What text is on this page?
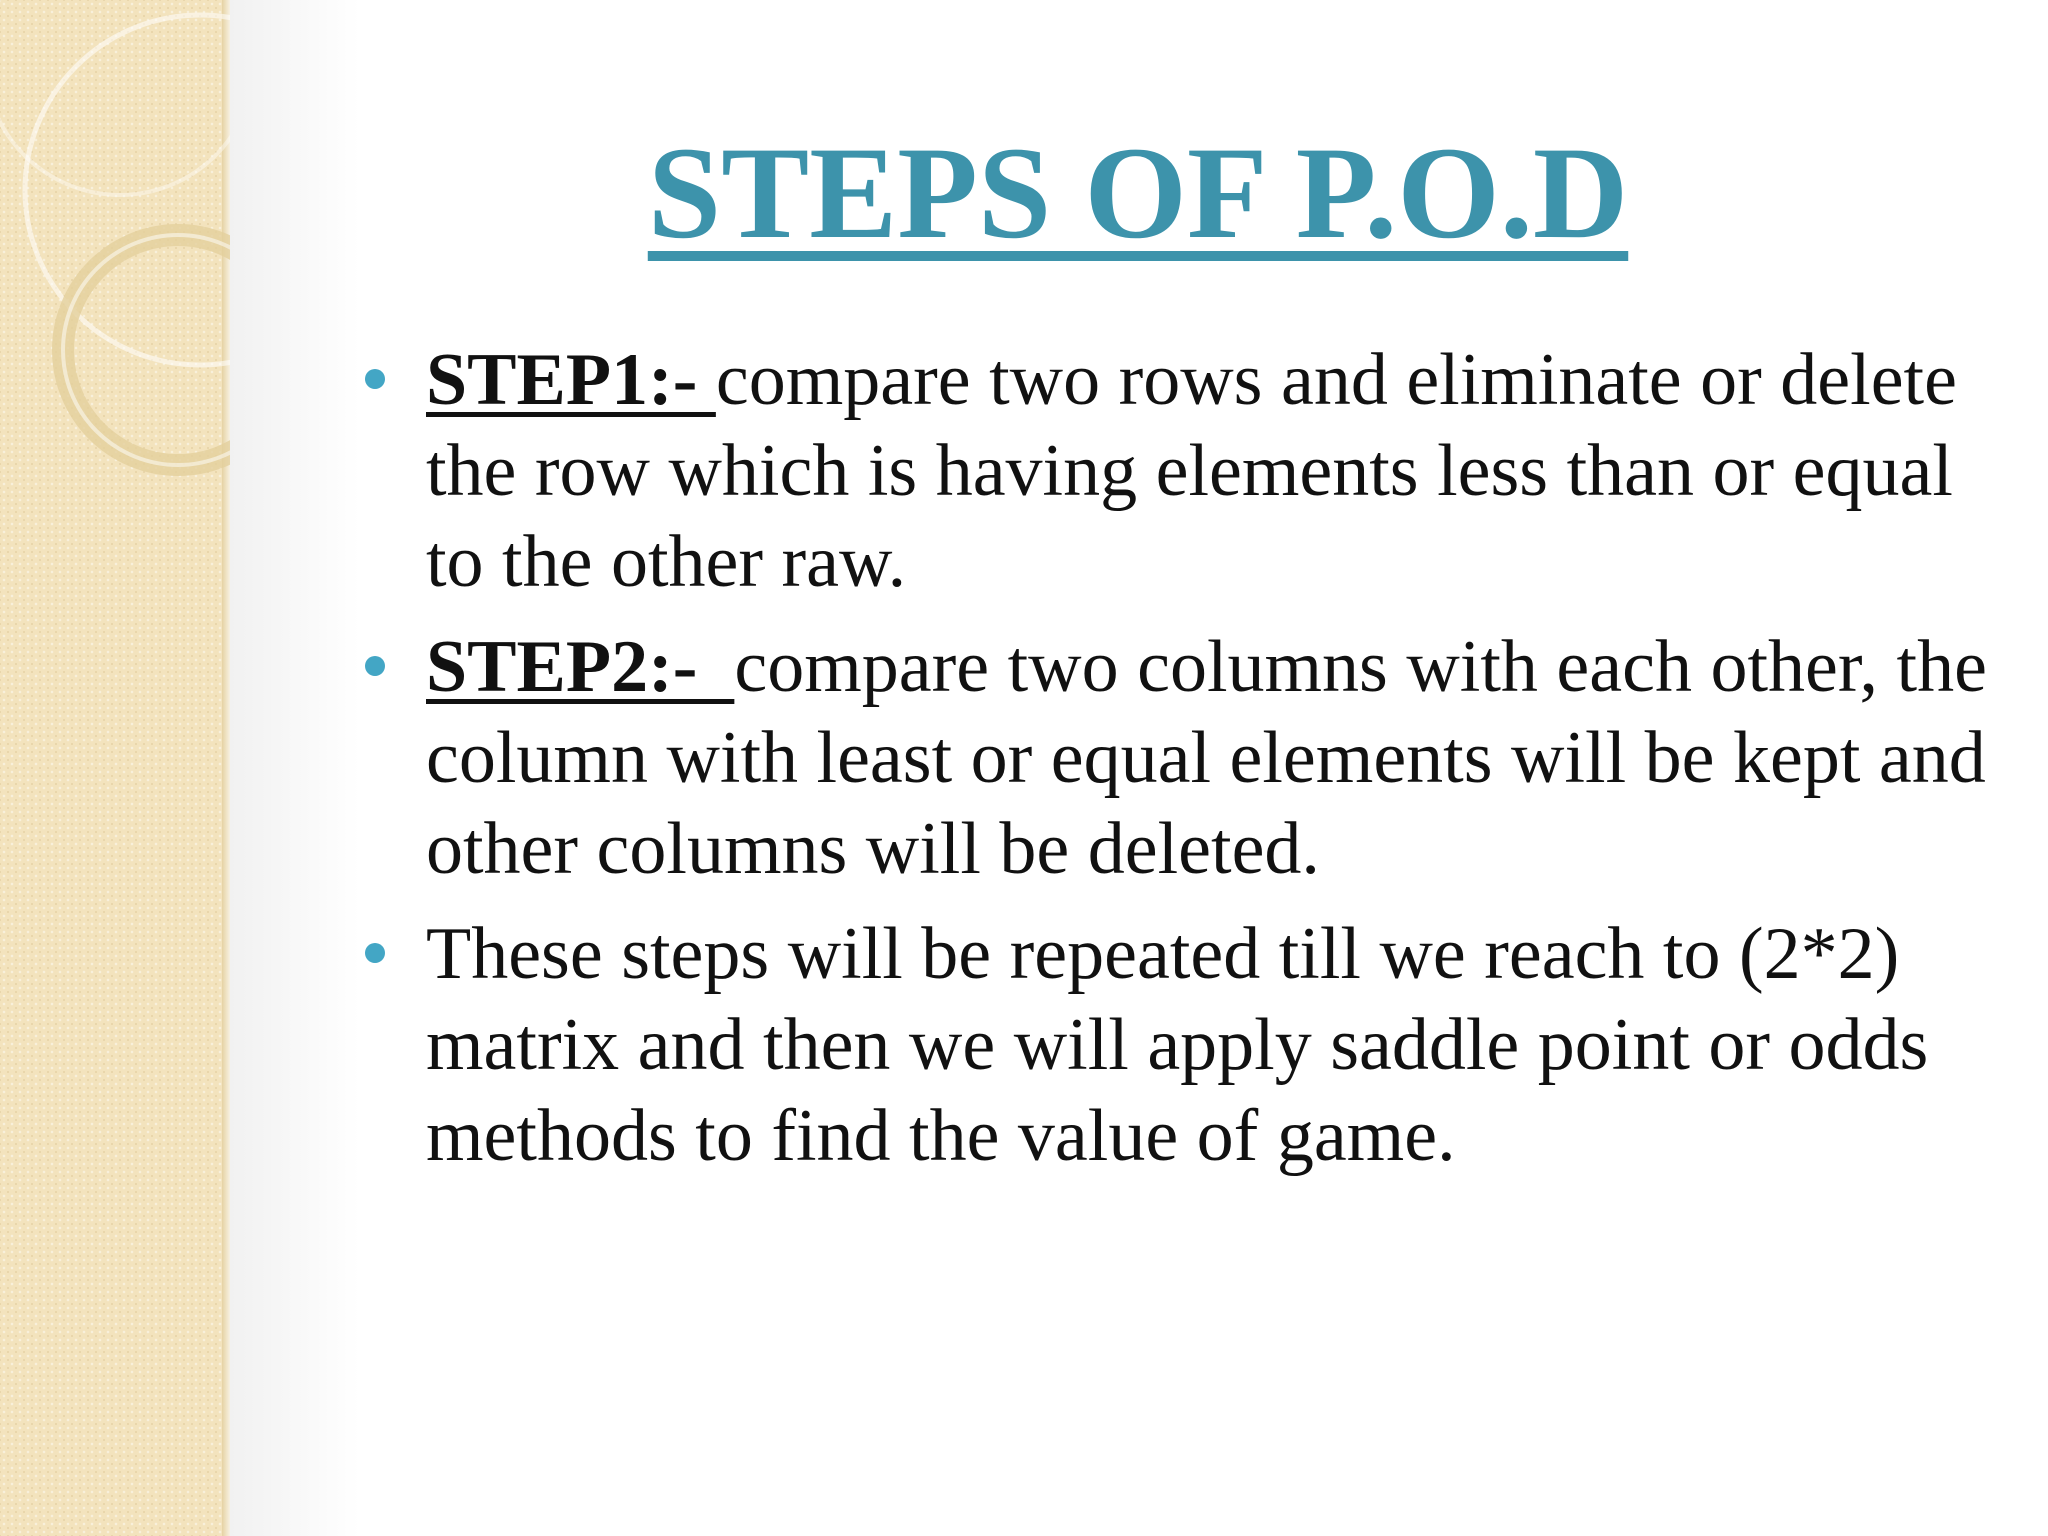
STEPS OF P.O.D
STEP1:- compare two rows and eliminate or delete the row which is having elements less than or equal to the other raw.
STEP2:-  compare two columns with each other, the column with least or equal elements will be kept and other columns will be deleted.
These steps will be repeated till we reach to (2*2) matrix and then we will apply saddle point or odds methods to find the value of game.
